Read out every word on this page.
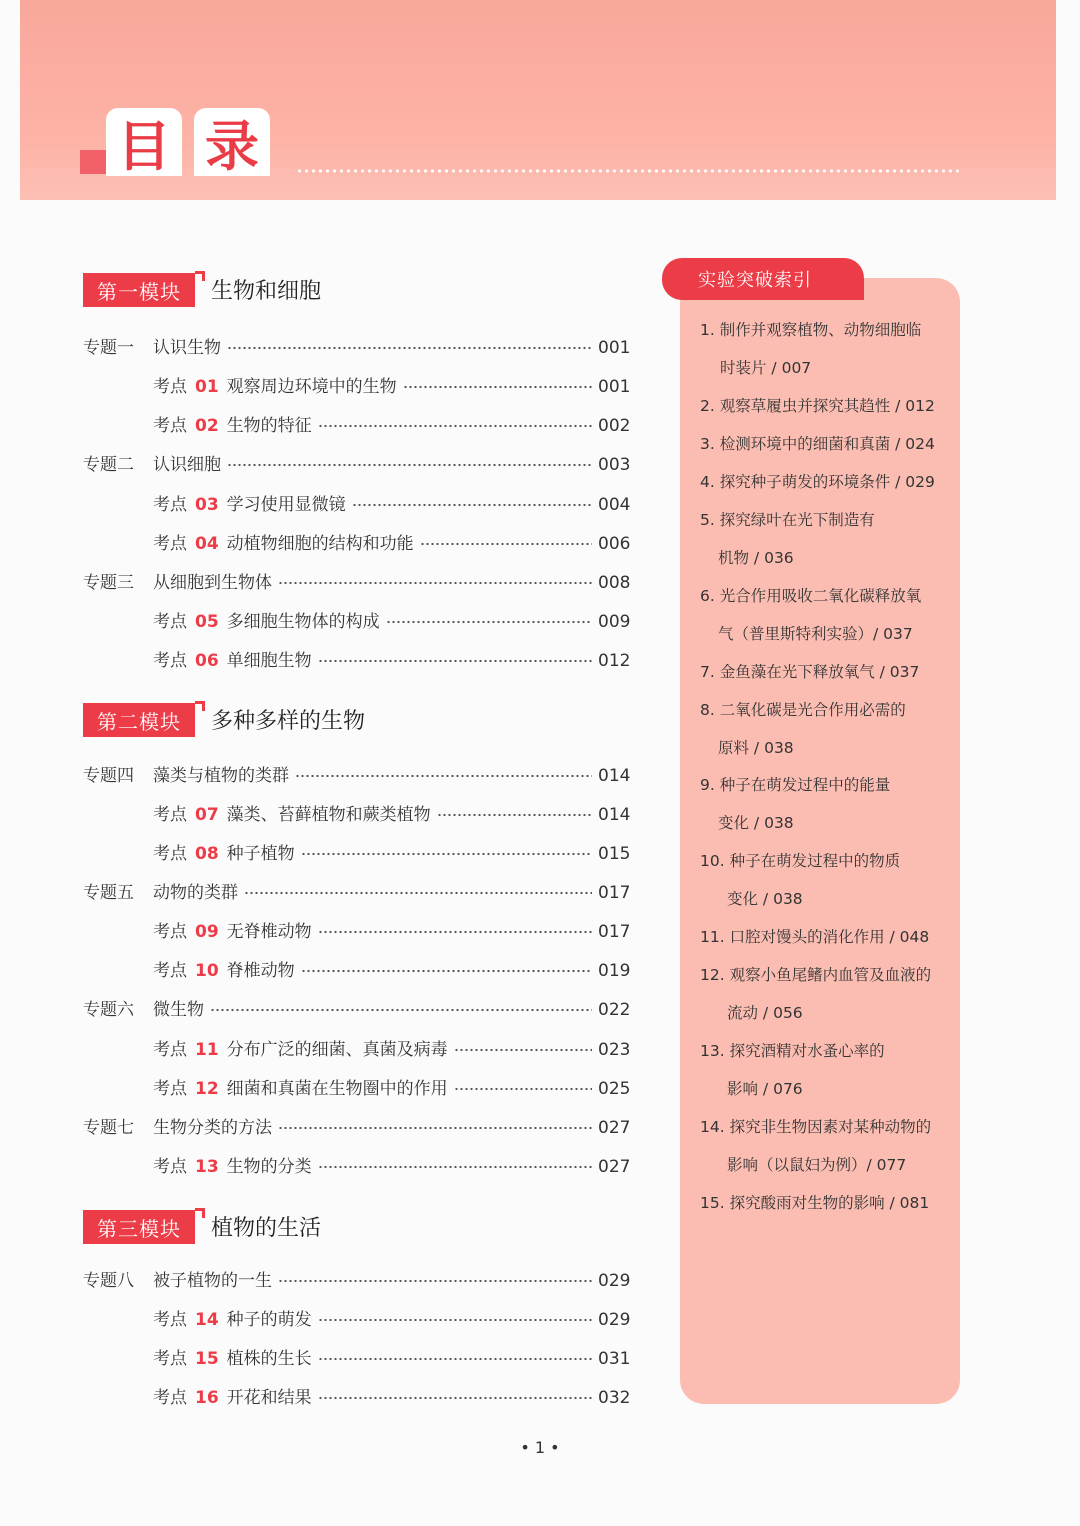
目 录
第一模块	生物和细胞
第二模块	多种多样的生物
第三模块	植物的生活
专题一 认识生物	001
考点 01 观察周边环境中的生物	001
考点 02 生物的特征	002
专题二 认识细胞	003
考点 03 学习使用显微镜	004
考点 04 动植物细胞的结构和功能	006
专题三 从细胞到生物体	008
考点 05 多细胞生物体的构成	009
考点 06 单细胞生物	012
专题四 藻类与植物的类群	014
考点 07 藻类、苔藓植物和蕨类植物	014
考点 08 种子植物	015
专题五 动物的类群	017
考点 09 无脊椎动物	017
考点 10 脊椎动物	019
专题六 微生物	022
考点 11 分布广泛的细菌、真菌及病毒	023
考点 12 细菌和真菌在生物圈中的作用	025
专题七 生物分类的方法	027
考点 13 生物的分类	027
专题八 被子植物的一生	029
考点 14 种子的萌发	029
考点 15 植株的生长	031
考点 16 开花和结果	032
实验突破索引
1. 制作并观察植物、动物细胞临
时装片 / 007
2. 观察草履虫并探究其趋性 / 012
3. 检测环境中的细菌和真菌 / 024
4. 探究种子萌发的环境条件 / 029
5. 探究绿叶在光下制造有
机物 / 036
6. 光合作用吸收二氧化碳释放氧
气（普里斯特利实验）/ 037
7. 金鱼藻在光下释放氧气 / 037
8. 二氧化碳是光合作用必需的
原料 / 038
9. 种子在萌发过程中的能量
变化 / 038
10. 种子在萌发过程中的物质
变化 / 038
11. 口腔对馒头的消化作用 / 048
12. 观察小鱼尾鳍内血管及血液的
流动 / 056
13. 探究酒精对水蚤心率的
影响 / 076
14. 探究非生物因素对某种动物的
影响（以鼠妇为例）/ 077
15. 探究酸雨对生物的影响 / 081
• 1 •
